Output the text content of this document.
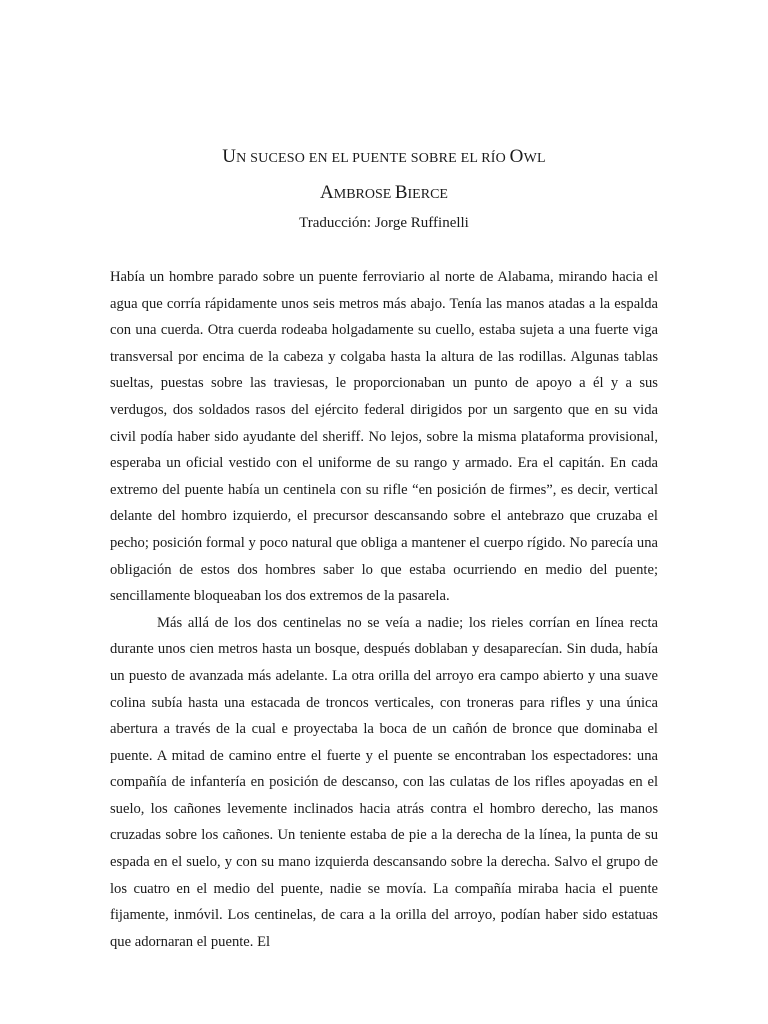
UN SUCESO EN EL PUENTE SOBRE EL RÍO OWL
AMBROSE BIERCE
Traducción: Jorge Ruffinelli

Había un hombre parado sobre un puente ferroviario al norte de Alabama, mirando hacia el agua que corría rápidamente unos seis metros más abajo. Tenía las manos atadas a la espalda con una cuerda. Otra cuerda rodeaba holgadamente su cuello, estaba sujeta a una fuerte viga transversal por encima de la cabeza y colgaba hasta la altura de las rodillas. Algunas tablas sueltas, puestas sobre las traviesas, le proporcionaban un punto de apoyo a él y a sus verdugos, dos soldados rasos del ejército federal dirigidos por un sargento que en su vida civil podía haber sido ayudante del sheriff. No lejos, sobre la misma plataforma provisional, esperaba un oficial vestido con el uniforme de su rango y armado. Era el capitán. En cada extremo del puente había un centinela con su rifle “en posición de firmes”, es decir, vertical delante del hombro izquierdo, el precursor descansando sobre el antebrazo que cruzaba el pecho; posición formal y poco natural que obliga a mantener el cuerpo rígido. No parecía una obligación de estos dos hombres saber lo que estaba ocurriendo en medio del puente; sencillamente bloqueaban los dos extremos de la pasarela.

Más allá de los dos centinelas no se veía a nadie; los rieles corrían en línea recta durante unos cien metros hasta un bosque, después doblaban y desaparecían. Sin duda, había un puesto de avanzada más adelante. La otra orilla del arroyo era campo abierto y una suave colina subía hasta una estacada de troncos verticales, con troneras para rifles y una única abertura a través de la cual e proyectaba la boca de un cañón de bronce que dominaba el puente. A mitad de camino entre el fuerte y el puente se encontraban los espectadores: una compañía de infantería en posición de descanso, con las culatas de los rifles apoyadas en el suelo, los cañones levemente inclinados hacia atrás contra el hombro derecho, las manos cruzadas sobre los cañones. Un teniente estaba de pie a la derecha de la línea, la punta de su espada en el suelo, y con su mano izquierda descansando sobre la derecha. Salvo el grupo de los cuatro en el medio del puente, nadie se movía. La compañía miraba hacia el puente fijamente, inmóvil. Los centinelas, de cara a la orilla del arroyo, podían haber sido estatuas que adornaran el puente. El
